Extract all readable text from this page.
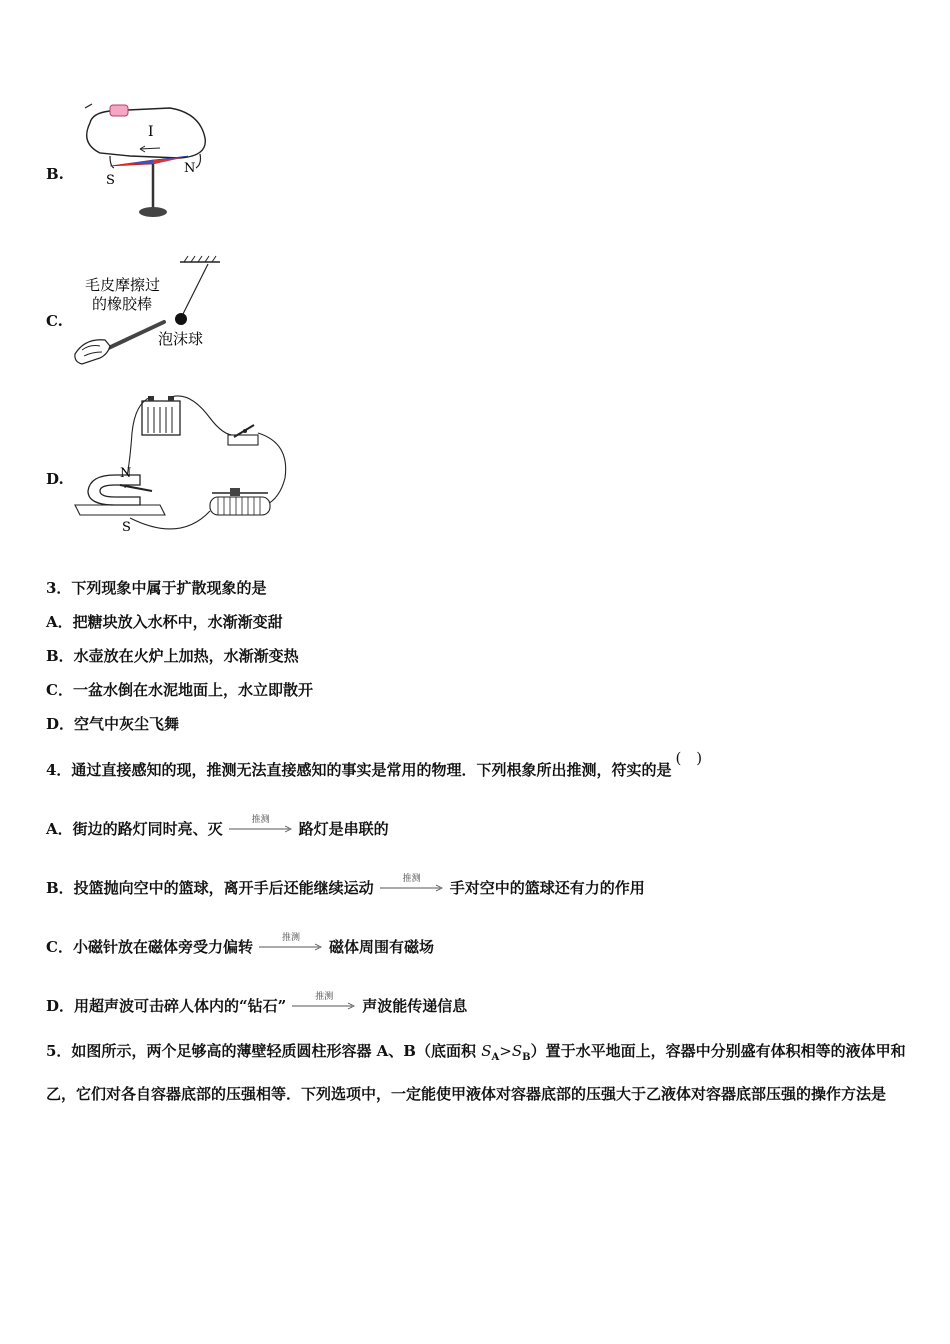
B.
I
S
N
C.
毛皮摩擦过
的橡胶棒
泡沫球
D.	N
S
3．下列现象中属于扩散现象的是
A．把糖块放入水杯中，水渐渐变甜
B．水壶放在火炉上加热，水渐渐变热
C．一盆水倒在水泥地面上，水立即散开
D．空气中灰尘飞舞
4．通过直接感知的现，推测无法直接感知的事实是常用的物理．下列根象所出推测，符实的是(　)
A．街边的路灯同时亮、灭	推测	路灯是串联的
B．投篮抛向空中的篮球，离开手后还能继续运动	推测	手对空中的篮球还有力的作用
C．小磁针放在磁体旁受力偏转	推测	磁体周围有磁场
D．用超声波可击碎人体内的“钻石”	推测	声波能传递信息
5．如图所示，两个足够高的薄壁轻质圆柱形容器 A、B（底面积 $S_A>S_B$）置于水平地面上，容器中分别盛有体积相等的液体甲和乙，它们对各自容器底部的压强相等．下列选项中，一定能使甲液体对容器底部的压强大于乙液体对容器底部压强的操作方法是
